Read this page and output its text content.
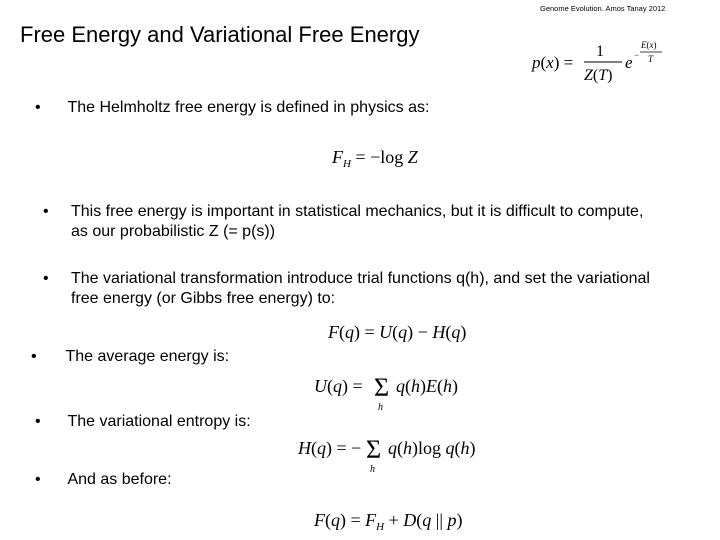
Genome Evolution. Amos Tanay 2012
Free Energy and Variational Free Energy
p(x) =
1
Z(T)
e −
E(x)
T
• The Helmholtz free energy is defined in physics as:
$F_H = -\log$ Z
• This free energy is important in statistical mechanics, but it is difficult to compute, as our probabilistic Z (= p(s))
• The variational transformation introduce trial functions q(h), and set the variational free energy (or Gibbs free energy) to:
F(q) = U(q) − H(q)
• The average energy is:
U(q) = Σ
h
q(h)E(h)
• The variational entropy is:
H(q) = − Σ
h
q(h)log q(h)
• And as before:
$F(q) = F_H + D(q$ || p)
